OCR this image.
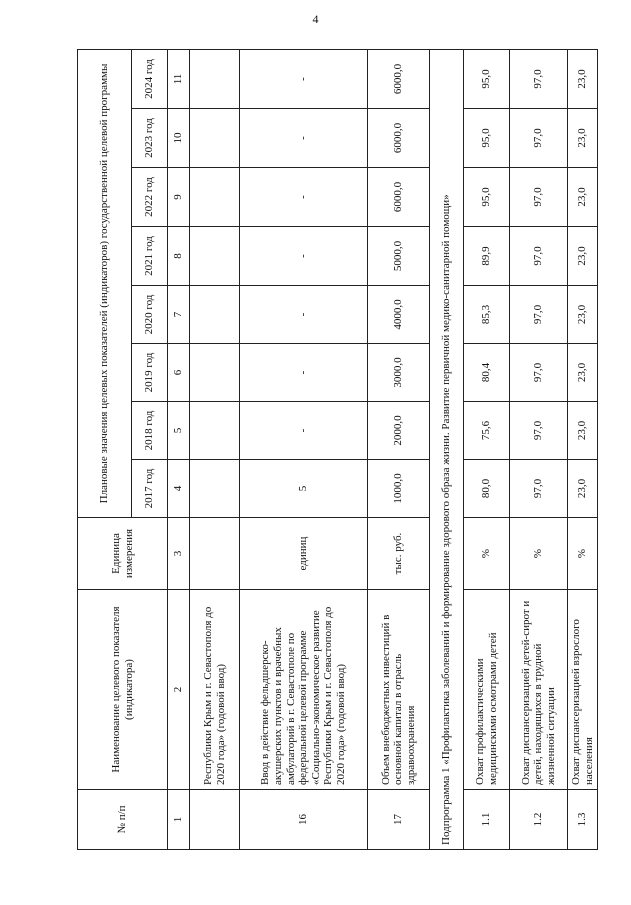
4
№ п/п	Наименование целевого показателя (индикатора)	Единица измерения	Плановые значения целевых показателей (индикаторов) государственной целевой программы							
			2017 год	2018 год	2019 год	2020 год	2021 год	2022 год	2023 год	2024 год
1	2	3	4	5	6	7	8	9	10	11
	Республики Крым и г. Севастополя до 2020 года» (годовой ввод)									
16	Ввод в действие фельдшерско-акушерских пунктов и врачебных амбулаторий в г. Севастополе по федеральной целевой программе «Социально-экономическое развитие Республики Крым и г. Севастополя до 2020 года» (годовой ввод)	единиц	5	-	-	-	-	-	-	-
17	Объем внебюджетных инвестиций в основной капитал в отрасль здравоохранения	тыс. руб.	1000,0	2000,0	3000,0	4000,0	5000,0	6000,0	6000,0	6000,0
Подпрограмма 1 «Профилактика заболеваний и формирование здорового образа жизни. Развитие первичной медико-санитарной помощи»										
1.1	Охват профилактическими медицинскими осмотрами детей	%	80,0	75,6	80,4	85,3	89,9	95,0	95,0	95,0
1.2	Охват диспансеризацией детей-сирот и детей, находящихся в трудной жизненной ситуации	%	97,0	97,0	97,0	97,0	97,0	97,0	97,0	97,0
1.3	Охват диспансеризацией взрослого населения	%	23,0	23,0	23,0	23,0	23,0	23,0	23,0	23,0
